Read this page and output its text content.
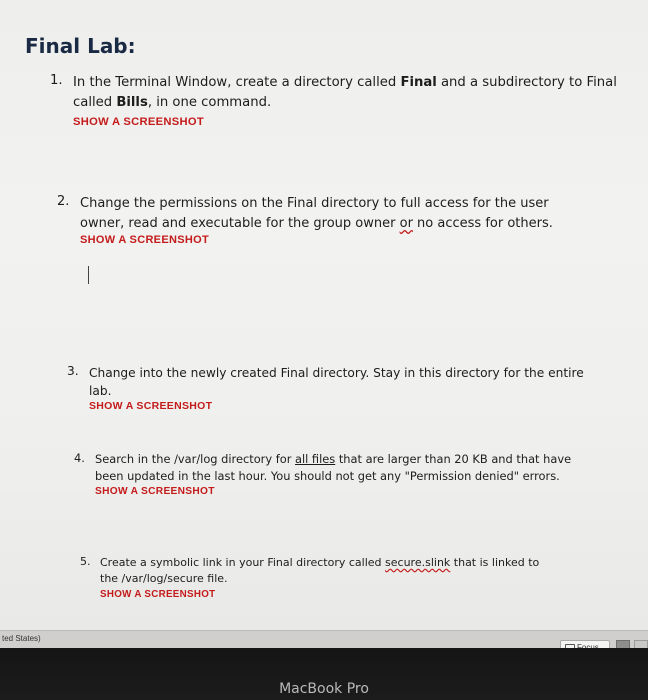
Final Lab:
1. In the Terminal Window, create a directory called Final and a subdirectory to Final called Bills, in one command.
SHOW A SCREENSHOT
2. Change the permissions on the Final directory to full access for the user owner, read and executable for the group owner or no access for others.
SHOW A SCREENSHOT
3. Change into the newly created Final directory. Stay in this directory for the entire lab.
SHOW A SCREENSHOT
4. Search in the /var/log directory for all files that are larger than 20 KB and that have been updated in the last hour. You should not get any "Permission denied" errors.
SHOW A SCREENSHOT
5. Create a symbolic link in your Final directory called secure.slink that is linked to the /var/log/secure file.
SHOW A SCREENSHOT
ted States)
MacBook Pro
